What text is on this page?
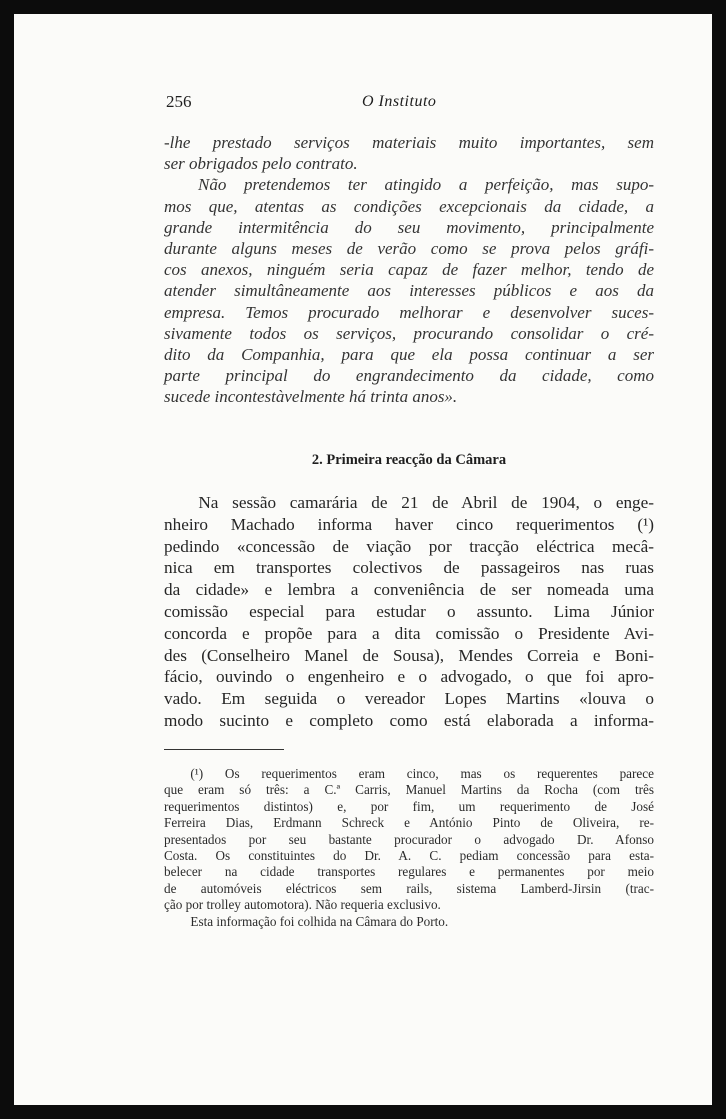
256	O Instituto
-lhe prestado serviços materiais muito importantes, sem
ser obrigados pelo contrato.
Não pretendemos ter atingido a perfeição, mas supo-
mos que, atentas as condições excepcionais da cidade, a
grande intermitência do seu movimento, principalmente
durante alguns meses de verão como se prova pelos gráfi-
cos anexos, ninguém seria capaz de fazer melhor, tendo de
atender simultâneamente aos interesses públicos e aos da
empresa. Temos procurado melhorar e desenvolver suces-
sivamente todos os serviços, procurando consolidar o cré-
dito da Companhia, para que ela possa continuar a ser
parte principal do engrandecimento da cidade, como
sucede incontestàvelmente há trinta anos».
2. Primeira reacção da Câmara
Na sessão camarária de 21 de Abril de 1904, o enge-
nheiro Machado informa haver cinco requerimentos (¹)
pedindo «concessão de viação por tracção eléctrica mecâ-
nica em transportes colectivos de passageiros nas ruas
da cidade» e lembra a conveniência de ser nomeada uma
comissão especial para estudar o assunto. Lima Júnior
concorda e propõe para a dita comissão o Presidente Avi-
des (Conselheiro Manel de Sousa), Mendes Correia e Boni-
fácio, ouvindo o engenheiro e o advogado, o que foi apro-
vado. Em seguida o vereador Lopes Martins «louva o
modo sucinto e completo como está elaborada a informa-
(¹) Os requerimentos eram cinco, mas os requerentes parece
que eram só três: a C.ª Carris, Manuel Martins da Rocha (com três
requerimentos distintos) e, por fim, um requerimento de José
Ferreira Dias, Erdmann Schreck e António Pinto de Oliveira, re-
presentados por seu bastante procurador o advogado Dr. Afonso
Costa. Os constituintes do Dr. A. C. pediam concessão para esta-
belecer na cidade transportes regulares e permanentes por meio
de automóveis eléctricos sem rails, sistema Lamberd-Jirsin (trac-
ção por trolley automotora). Não requeria exclusivo.
Esta informação foi colhida na Câmara do Porto.
